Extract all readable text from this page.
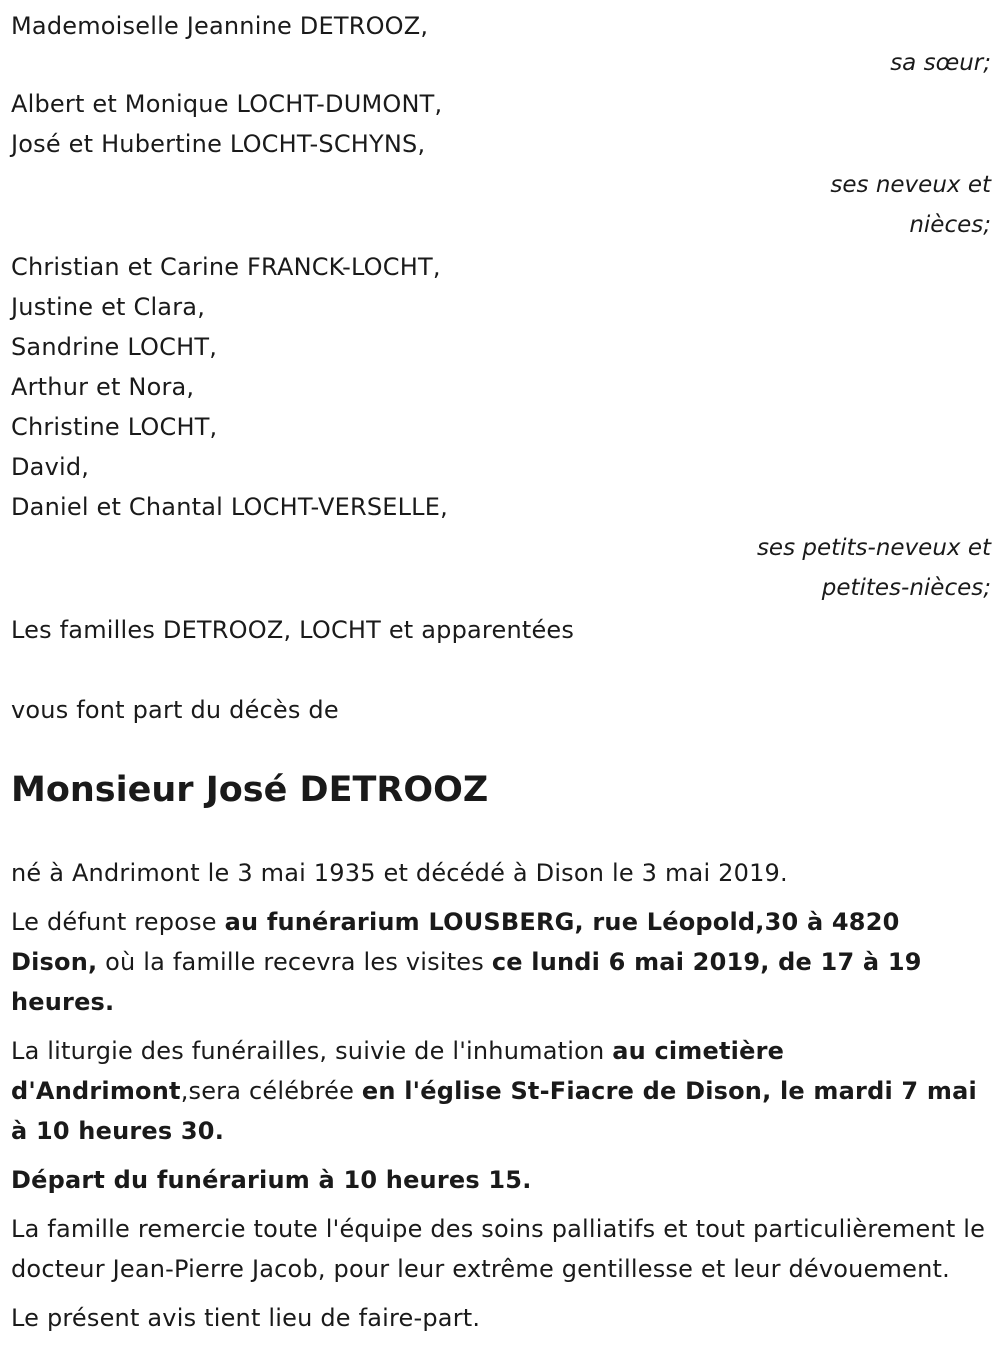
Mademoiselle Jeannine DETROOZ,
sa sœur;
Albert et Monique LOCHT-DUMONT,
José et Hubertine LOCHT-SCHYNS,
ses neveux et
nièces;
Christian et Carine FRANCK-LOCHT,
Justine et Clara,
Sandrine LOCHT,
Arthur et Nora,
Christine LOCHT,
David,
Daniel et Chantal LOCHT-VERSELLE,
ses petits-neveux et
petites-nièces;
Les familles DETROOZ, LOCHT et apparentées
vous font part du décès de
Monsieur José DETROOZ
né à Andrimont le 3 mai 1935 et décédé à Dison le 3 mai 2019.
Le défunt repose au funérarium LOUSBERG, rue Léopold,30 à 4820 Dison, où la famille recevra les visites ce lundi 6 mai 2019, de 17 à 19 heures.
La liturgie des funérailles, suivie de l'inhumation au cimetière d'Andrimont,sera célébrée en l'église St-Fiacre de Dison, le mardi 7 mai à 10 heures 30.
Départ du funérarium à 10 heures 15.
La famille remercie toute l'équipe des soins palliatifs et tout particulièrement le docteur Jean-Pierre Jacob, pour leur extrême gentillesse et leur dévouement.
Le présent avis tient lieu de faire-part.
